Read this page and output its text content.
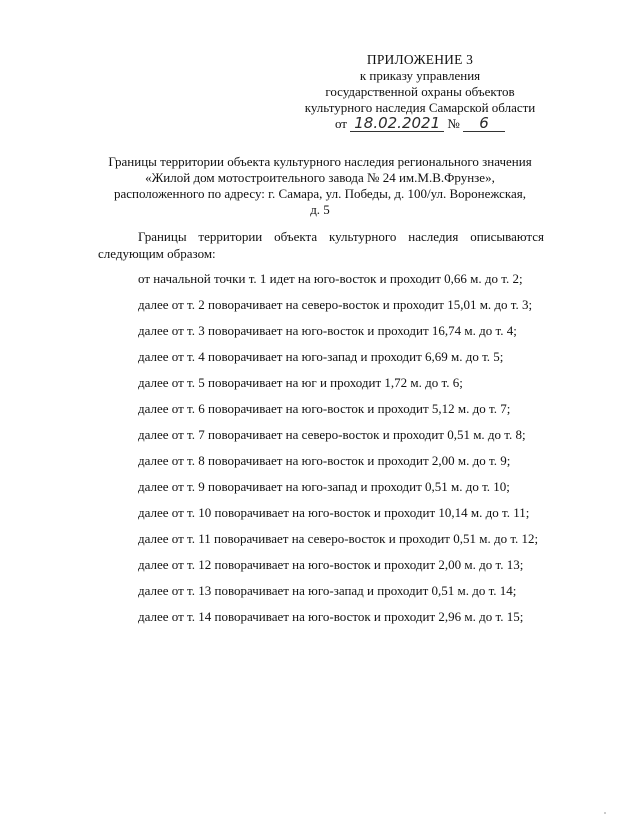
ПРИЛОЖЕНИЕ 3
к приказу управления
государственной охраны объектов
культурного наследия Самарской области
от 18.02.2021 № 6
Границы территории объекта культурного наследия регионального значения
«Жилой дом мотостроительного завода № 24 им.М.В.Фрунзе»,
расположенного по адресу: г. Самара, ул. Победы, д. 100/ул. Воронежская,
д. 5

Границы территории объекта культурного наследия описываются следующим образом:

от начальной точки т. 1 идет на юго-восток и проходит 0,66 м. до т. 2;

далее от т. 2 поворачивает на северо-восток и проходит 15,01 м. до т. 3;

далее от т. 3 поворачивает на юго-восток и проходит 16,74 м. до т. 4;

далее от т. 4 поворачивает на юго-запад и проходит 6,69 м. до т. 5;

далее от т. 5 поворачивает на юг и проходит 1,72 м. до т. 6;

далее от т. 6 поворачивает на юго-восток и проходит 5,12 м. до т. 7;

далее от т. 7 поворачивает на северо-восток и проходит 0,51 м. до т. 8;

далее от т. 8 поворачивает на юго-восток и проходит 2,00 м. до т. 9;

далее от т. 9 поворачивает на юго-запад и проходит 0,51 м. до т. 10;

далее от т. 10 поворачивает на юго-восток и проходит 10,14 м. до т. 11;

далее от т. 11 поворачивает на северо-восток и проходит 0,51 м. до т. 12;

далее от т. 12 поворачивает на юго-восток и проходит 2,00 м. до т. 13;

далее от т. 13 поворачивает на юго-запад и проходит 0,51 м. до т. 14;

далее от т. 14 поворачивает на юго-восток и проходит 2,96 м. до т. 15;
